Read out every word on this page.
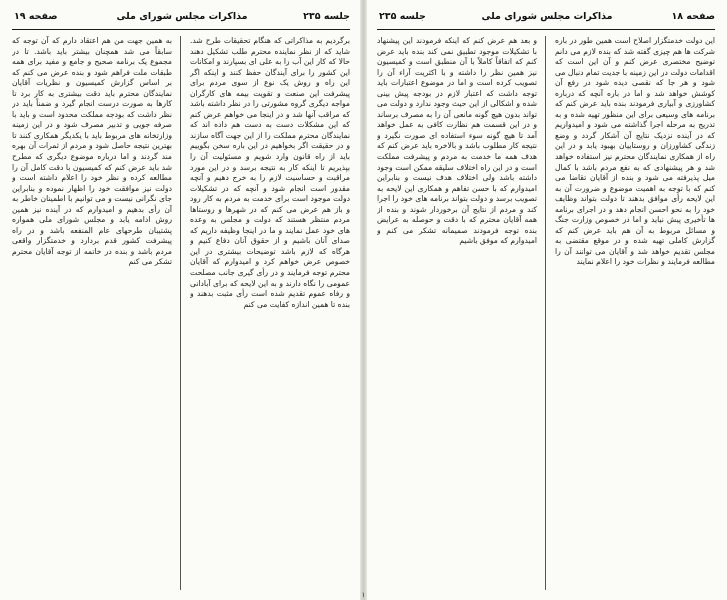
جلسه ۲۳۵
مذاکرات مجلس شورای ملی
صفحه ۱۹
برگردیم به مذاکراتی که هنگام تحقیقات طرح شد. شاید که از نظر نماینده محترم طلب تشکیل دهند حالا که کار این آب را به علی ای بسپارند و امکانات این کشور را برای آیندگان حفظ کنند و اینکه اگر این راه و روش یک نوع از سوی مردم برای پیشرفت این صنعت و تقویت بیمه های کارگران مواجه دیگری گروه مشورتی را در نظر داشته باشد که مراقب آنها شد و در اینجا می خواهم عرض کنم که این مشکلات دست به دست هم داده اند که نمایندگان محترم مملکت را از این جهت آگاه سازند و در حقیقت اگر بخواهیم در این باره سخن بگوییم باید از راه قانون وارد شویم و مسئولیت آن را بپذیریم تا اینکه کار به نتیجه برسد و در این مورد مراقبت و حساسیت لازم را به خرج دهیم و آنچه مقدور است انجام شود و آنچه که در تشکیلات دولت موجود است برای خدمت به مردم به کار رود و باز هم عرض می کنم که در شهرها و روستاها مردم منتظر هستند که دولت و مجلس به وعده های خود عمل نمایند و ما در اینجا وظیفه داریم که صدای آنان باشیم و از حقوق آنان دفاع کنیم و هرگاه که لازم باشد توضیحات بیشتری در این خصوص عرض خواهم کرد و امیدوارم که آقایان محترم توجه فرمایند و در رأی گیری جانب مصلحت عمومی را نگاه دارند و به این لایحه که برای آبادانی و رفاه عموم تقدیم شده است رأی مثبت بدهند و بنده تا همین اندازه کفایت می کنم
به همین جهت من هم اعتقاد دارم که آن توجه که سابقاً می شد همچنان بیشتر باید باشد. تا در مجموع یک برنامه صحیح و جامع و مفید برای همه طبقات ملت فراهم شود و بنده عرض می کنم که بر اساس گزارش کمیسیون و نظریات آقایان نمایندگان محترم باید دقت بیشتری به کار برد تا کارها به صورت درست انجام گیرد و ضمناً باید در نظر داشت که بودجه مملکت محدود است و باید با صرفه جویی و تدبیر مصرف شود و در این زمینه وزارتخانه های مربوط باید با یکدیگر همکاری کنند تا بهترین نتیجه حاصل شود و مردم از ثمرات آن بهره مند گردند و اما درباره موضوع دیگری که مطرح شد باید عرض کنم که کمیسیون با دقت کامل آن را مطالعه کرده و نظر خود را اعلام داشته است و دولت نیز موافقت خود را اظهار نموده و بنابراین جای نگرانی نیست و می توانیم با اطمینان خاطر به آن رأی بدهیم و امیدوارم که در آینده نیز همین روش ادامه یابد و مجلس شورای ملی همواره پشتیبان طرحهای عام المنفعه باشد و در راه پیشرفت کشور قدم بردارد و خدمتگزار واقعی مردم باشد و بنده در خاتمه از توجه آقایان محترم تشکر می کنم
صفحه ۱۸
مذاکرات مجلس شورای ملی
جلسه ۲۳۵
این دولت خدمتگزار اصلاح است همین طور در باره شرکت ها هم چیزی گفته شد که بنده لازم می دانم توضیح مختصری عرض کنم و آن این است که اقدامات دولت در این زمینه با جدیت تمام دنبال می شود و هر جا که نقصی دیده شود در رفع آن کوشش خواهد شد و اما در باره آنچه که درباره کشاورزی و آبیاری فرمودند بنده باید عرض کنم که برنامه های وسیعی برای این منظور تهیه شده و به تدریج به مرحله اجرا گذاشته می شود و امیدواریم که در آینده نزدیک نتایج آن آشکار گردد و وضع زندگی کشاورزان و روستاییان بهبود یابد و در این راه از همکاری نمایندگان محترم نیز استفاده خواهد شد و هر پیشنهادی که به نفع مردم باشد با کمال میل پذیرفته می شود و بنده از آقایان تقاضا می کنم که با توجه به اهمیت موضوع و ضرورت آن به این لایحه رأی موافق بدهند تا دولت بتواند وظایف خود را به نحو احسن انجام دهد و در اجرای برنامه ها تأخیری پیش نیاید و اما در خصوص وزارت جنگ و مسائل مربوط به آن هم باید عرض کنم که گزارش کاملی تهیه شده و در موقع مقتضی به مجلس تقدیم خواهد شد و آقایان می توانند آن را مطالعه فرمایند و نظرات خود را اعلام نمایند
و بعد هم عرض کنم که اینکه فرمودند این پیشنهاد با تشکیلات موجود تطبیق نمی کند بنده باید عرض کنم که اتفاقاً کاملاً با آن منطبق است و کمیسیون نیز همین نظر را داشته و با اکثریت آراء آن را تصویب کرده است و اما در موضوع اعتبارات باید توجه داشت که اعتبار لازم در بودجه پیش بینی شده و اشکالی از این حیث وجود ندارد و دولت می تواند بدون هیچ گونه مانعی آن را به مصرف برساند و در این قسمت هم نظارت کافی به عمل خواهد آمد تا هیچ گونه سوء استفاده ای صورت نگیرد و نتیجه کار مطلوب باشد و بالاخره باید عرض کنم که هدف همه ما خدمت به مردم و پیشرفت مملکت است و در این راه اختلاف سلیقه ممکن است وجود داشته باشد ولی اختلاف هدف نیست و بنابراین امیدوارم که با حسن تفاهم و همکاری این لایحه به تصویب برسد و دولت بتواند برنامه های خود را اجرا کند و مردم از نتایج آن برخوردار شوند و بنده از همه آقایان محترم که با دقت و حوصله به عرایض بنده توجه فرمودند صمیمانه تشکر می کنم و امیدوارم که موفق باشیم
۱
